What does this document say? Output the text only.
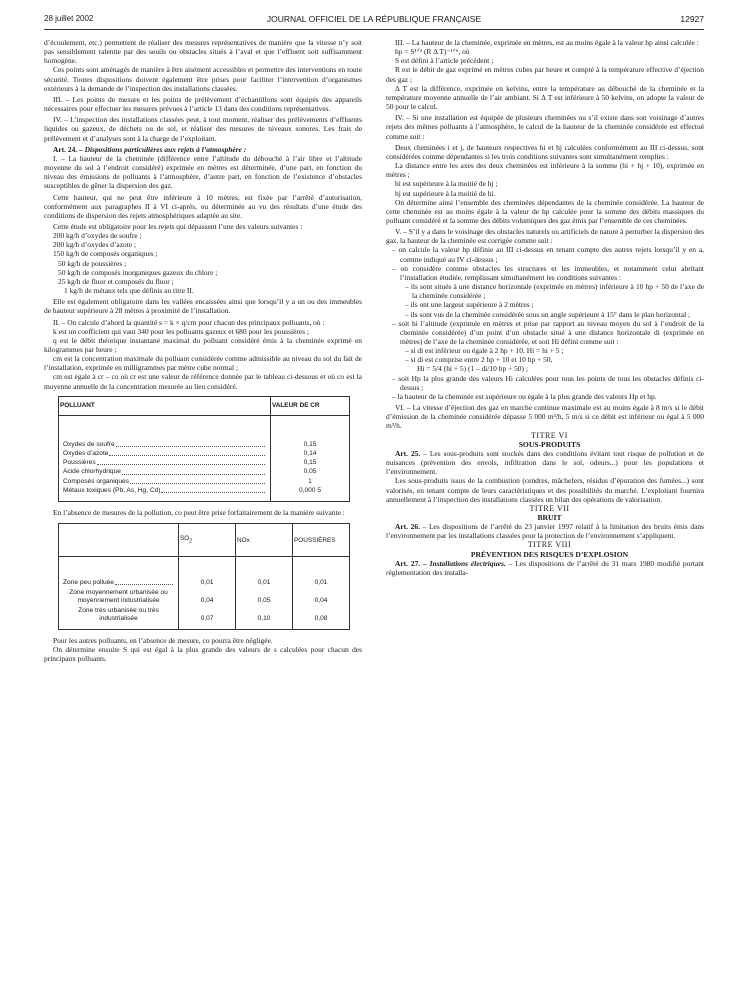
28 juillet 2002	JOURNAL OFFICIEL DE LA RÉPUBLIQUE FRANÇAISE	12927

d’écoulement, etc.) permettent de réaliser des mesures représentatives de manière que la vitesse n’y soit pas sensiblement ralentie par des seuils ou obstacles situés à l’aval et que l’effluent soit suffisamment homogène.

Ces points sont aménagés de manière à être aisément accessibles et permettre des interventions en toute sécurité. Toutes dispositions doivent également être prises pour faciliter l’intervention d’organismes extérieurs à la demande de l’inspection des installations classées.

III. – Les points de mesure et les points de prélèvement d’échantillons sont équipés des appareils nécessaires pour effectuer les mesures prévues à l’article 13 dans des conditions représentatives.

IV. – L’inspection des installations classées peut, à tout moment, réaliser des prélèvements d’effluents liquides ou gazeux, de déchets ou de sol, et réaliser des mesures de niveaux sonores. Les frais de prélèvement et d’analyses sont à la charge de l’exploitant.

Art. 24. – Dispositions particulières aux rejets à l’atmosphère :

I. – La hauteur de la cheminée (différence entre l’altitude du débouché à l’air libre et l’altitude moyenne du sol à l’endroit considéré) exprimée en mètres est déterminée, d’une part, en fonction du niveau des émissions de polluants à l’atmosphère, d’autre part, en fonction de l’existence d’obstacles susceptibles de gêner la dispersion des gaz.

Cette hauteur, qui ne peut être inférieure à 10 mètres, est fixée par l’arrêté d’autorisation, conformément aux paragraphes II à VI ci-après, ou déterminée au vu des résultats d’une étude des conditions de dispersion des rejets atmosphériques adaptée au site.

Cette étude est obligatoire pour les rejets qui dépassent l’une des valeurs suivantes :

200 kg/h d’oxydes de soufre ;

200 kg/h d’oxydes d’azote ;

150 kg/h de composés organiques ;

50 kg/h de poussières ;

50 kg/h de composés inorganiques gazeux du chlore ;

25 kg/h de fluor et composés du fluor ;

1 kg/h de métaux tels que définis au titre II.

Elle est également obligatoire dans les vallées encaissées ainsi que lorsqu’il y a un ou des immeubles de hauteur supérieure à 28 mètres à proximité de l’installation.

II. – On calcule d’abord la quantité s = k × q/cm pour chacun des principaux polluants, où :

k est un coefficient qui vaut 340 pour les polluants gazeux et 680 pour les poussières ;

q est le débit théorique instantané maximal du polluant considéré émis à la cheminée exprimé en kilogrammes par heure ;

cm est la concentration maximale du polluant considérée comme admissible au niveau du sol du fait de l’installation, exprimée en milligrammes par mètre cube normal ;

cm est égale à cr – co où cr est une valeur de référence donnée par le tableau ci-dessous et où co est la moyenne annuelle de la concentration mesurée au lieu considéré.

POLLUANT	VALEUR DE CR

Oxydes de soufre	0,15

Oxydes d’azote	0,14

Poussières	0,15

Acide chlorhydrique	0,05

Composés organiques	1

Métaux toxiques (Pb, As, Hg, Cd)	0,000 5

En l’absence de mesures de la pollution, co peut être prise forfaitairement de la manière suivante :

	$SO_2$	NOx	POUSSIÈRES

Zone peu polluée	0,01	0,01	0,01
Zone moyennement urbanisée ou moyennement industrialisée	0,04	0,05	0,04
Zone très urbanisée ou très industrialisée	0,07	0,10	0,08

Pour les autres polluants, en l’absence de mesure, co pourra être négligée.

On détermine ensuite S qui est égal à la plus grande des valeurs de s calculées pour chacun des principaux polluants.

III. – La hauteur de la cheminée, exprimée en mètres, est au moins égale à la valeur hp ainsi calculée :

hp = S¹ᐟ² (R Δ T)⁻¹ᐟ⁶, où

S est défini à l’article précédent ;

R est le débit de gaz exprimé en mètres cubes par heure et compté à la température effective d’éjection des gaz ;

Δ T est la différence, exprimée en kelvins, entre la température au débouché de la cheminée et la température moyenne annuelle de l’air ambiant. Si Δ T est inférieure à 50 kelvins, on adopte la valeur de 50 pour le calcul.

IV. – Si une installation est équipée de plusieurs cheminées ou s’il existe dans son voisinage d’autres rejets des mêmes polluants à l’atmosphère, le calcul de la hauteur de la cheminée considérée est effectué comme suit :

Deux cheminées i et j, de hauteurs respectives hi et hj calculées conformément au III ci-dessus, sont considérées comme dépendantes si les trois conditions suivantes sont simultanément remplies :

La distance entre les axes des deux cheminées est inférieure à la somme (hi + hj + 10), exprimée en mètres ;

hi est supérieure à la moitié de hj ;

hj est supérieure à la moitié de hi.

On détermine ainsi l’ensemble des cheminées dépendantes de la cheminée considérée. La hauteur de cette cheminée est au moins égale à la valeur de hp calculée pour la somme des débits massiques du polluant considéré et la somme des débits volumiques des gaz émis par l’ensemble de ces cheminées.

V. – S’il y a dans le voisinage des obstacles naturels ou artificiels de nature à perturber la dispersion des gaz, la hauteur de la cheminée est corrigée comme suit :

– on calcule la valeur hp définie au III ci-dessus en tenant compte des autres rejets lorsqu’il y en a, comme indiqué au IV ci-dessus ;

– on considère comme obstacles les structures et les immeubles, et notamment celui abritant l’installation étudiée, remplissant simultanément les conditions suivantes :

– ils sont situés à une distance horizontale (exprimée en mètres) inférieure à 10 hp + 50 de l’axe de la cheminée considérée ;

– ils ont une largeur supérieure à 2 mètres ;

– ils sont vus de la cheminée considérée sous un angle supérieure à 15° dans le plan horizontal ;

– soit hi l’altitude (exprimée en mètres et prise par rapport au niveau moyen du sol à l’endroit de la cheminée considérée) d’un point d’un obstacle situé à une distance horizontale di (exprimée en mètres) de l’axe de la cheminée considérée, et soit Hi défini comme suit :

– si di est inférieur ou égale à 2 hp + 10, Hi = hi + 5 ;

– si di est comprise entre 2 hp + 10 et 10 hp + 50,

Hi = 5/4 (hi + 5) (1 – di/10 hp + 50) ;

– soit Hp la plus grande des valeurs Hi calculées pour tous les points de tous les obstacles définis ci-dessus ;

– la hauteur de la cheminée est supérieure ou égale à la plus grande des valeurs Hp et hp.

VI. – La vitesse d’éjection des gaz en marche continue maximale est au moins égale à 8 m/s si le débit d’émission de la cheminée considérée dépasse 5 000 m³/h, 5 m/s si ce débit est inférieur ou égal à 5 000 m³/h.

TITRE VI

SOUS-PRODUITS

Art. 25. – Les sous-produits sont stockés dans des conditions évitant tout risque de pollution et de nuisances (prévention des envols, infiltration dans le sol, odeurs...) pour les populations et l’environnement.

Les sous-produits issus de la combustion (cendres, mâchefers, résidus d’épuration des fumées...) sont valorisés, en tenant compte de leurs caractéristiques et des possibilités du marché. L’exploitant fournira annuellement à l’inspection des installations classées un bilan des opérations de valorisation.

TITRE VII

BRUIT

Art. 26. – Les dispositions de l’arrêté du 23 janvier 1997 relatif à la limitation des bruits émis dans l’environnement par les installations classées pour la protection de l’environnement s’appliquent.

TITRE VIII

PRÉVENTION DES RISQUES D’EXPLOSION

Art. 27. – Installations électriques. – Les dispositions de l’arrêté du 31 mars 1980 modifié portant réglementation des installa-
